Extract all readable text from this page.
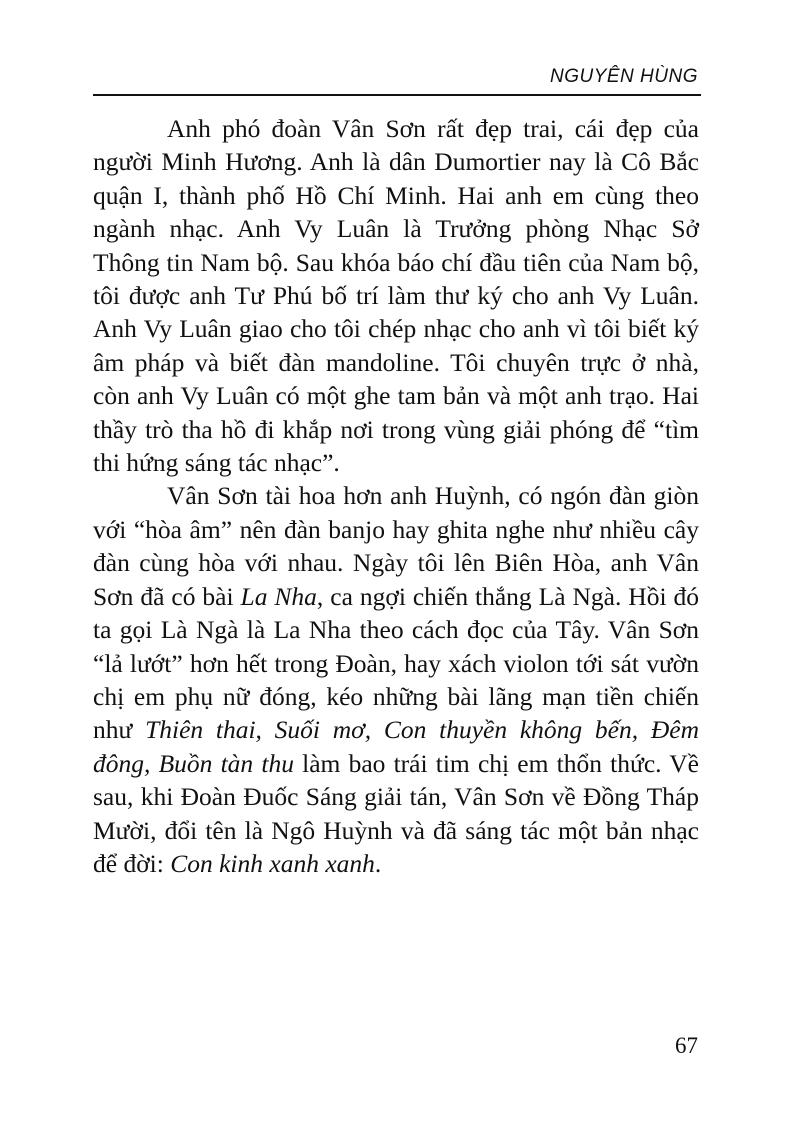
NGUYÊN HÙNG

Anh phó đoàn Vân Sơn rất đẹp trai, cái đẹp của người Minh Hương. Anh là dân Dumortier nay là Cô Bắc quận I, thành phố Hồ Chí Minh. Hai anh em cùng theo ngành nhạc. Anh Vy Luân là Trưởng phòng Nhạc Sở Thông tin Nam bộ. Sau khóa báo chí đầu tiên của Nam bộ, tôi được anh Tư Phú bố trí làm thư ký cho anh Vy Luân. Anh Vy Luân giao cho tôi chép nhạc cho anh vì tôi biết ký âm pháp và biết đàn mandoline. Tôi chuyên trực ở nhà, còn anh Vy Luân có một ghe tam bản và một anh trạo. Hai thầy trò tha hồ đi khắp nơi trong vùng giải phóng để “tìm thi hứng sáng tác nhạc”.

Vân Sơn tài hoa hơn anh Huỳnh, có ngón đàn giòn với “hòa âm” nên đàn banjo hay ghita nghe như nhiều cây đàn cùng hòa với nhau. Ngày tôi lên Biên Hòa, anh Vân Sơn đã có bài La Nha, ca ngợi chiến thắng Là Ngà. Hồi đó ta gọi Là Ngà là La Nha theo cách đọc của Tây. Vân Sơn “lả lướt” hơn hết trong Đoàn, hay xách violon tới sát vườn chị em phụ nữ đóng, kéo những bài lãng mạn tiền chiến như Thiên thai, Suối mơ, Con thuyền không bến, Đêm đông, Buồn tàn thu làm bao trái tim chị em thổn thức. Về sau, khi Đoàn Đuốc Sáng giải tán, Vân Sơn về Đồng Tháp Mười, đổi tên là Ngô Huỳnh và đã sáng tác một bản nhạc để đời: Con kinh xanh xanh.

67
